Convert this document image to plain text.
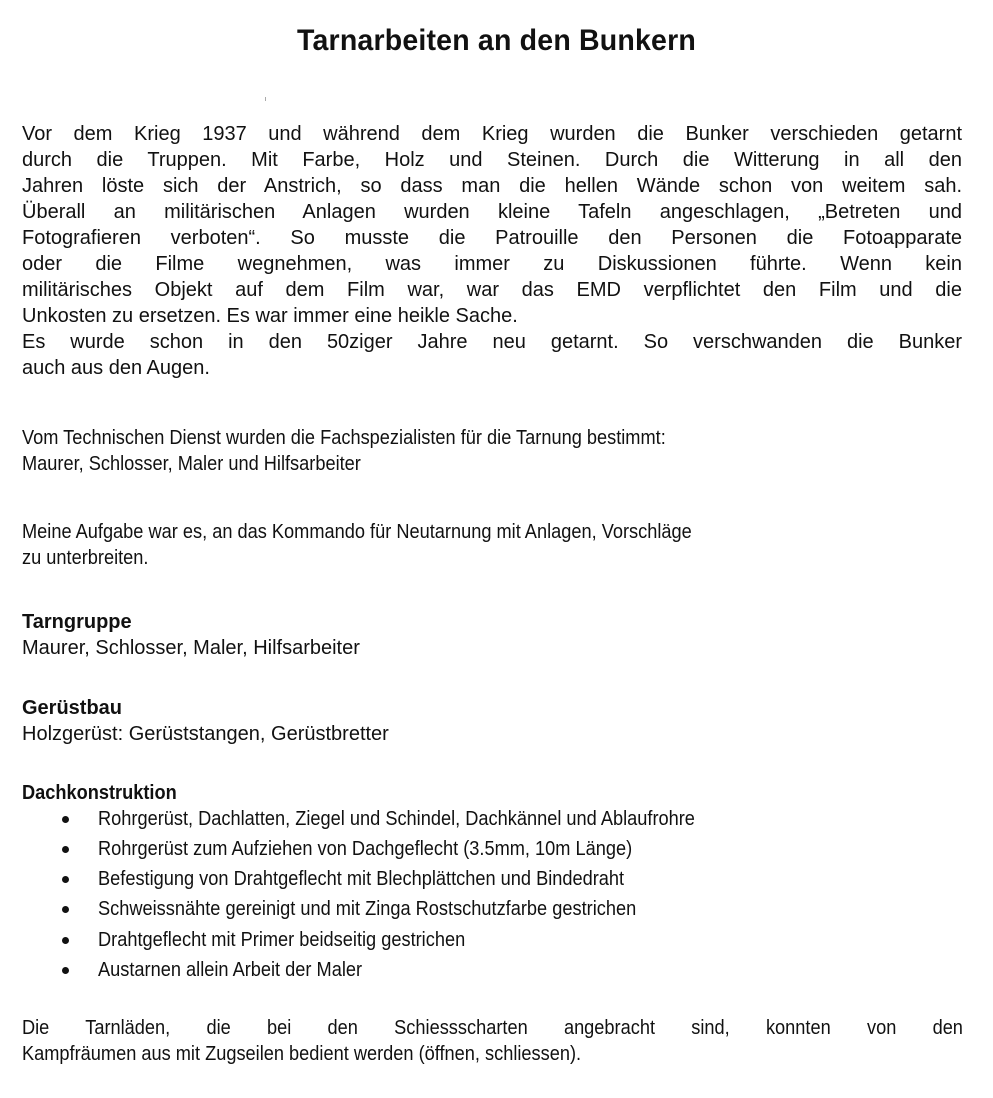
Tarnarbeiten an den Bunkern
Vor dem Krieg 1937 und während dem Krieg wurden die Bunker verschieden getarnt
durch die Truppen. Mit Farbe, Holz und Steinen. Durch die Witterung in all den
Jahren löste sich der Anstrich, so dass man die hellen Wände schon von weitem sah.
Überall an militärischen Anlagen wurden kleine Tafeln angeschlagen, „Betreten und
Fotografieren verboten“. So musste die Patrouille den Personen die Fotoapparate
oder die Filme wegnehmen, was immer zu Diskussionen führte. Wenn kein
militärisches Objekt auf dem Film war, war das EMD verpflichtet den Film und die
Unkosten zu ersetzen. Es war immer eine heikle Sache.
Es wurde schon in den 50ziger Jahre neu getarnt. So verschwanden die Bunker
auch aus den Augen.
Vom Technischen Dienst wurden die Fachspezialisten für die Tarnung bestimmt:
Maurer, Schlosser, Maler und Hilfsarbeiter
Meine Aufgabe war es, an das Kommando für Neutarnung mit Anlagen, Vorschläge
zu unterbreiten.
Tarngruppe
Maurer, Schlosser, Maler, Hilfsarbeiter
Gerüstbau
Holzgerüst: Gerüststangen, Gerüstbretter
Dachkonstruktion
Rohrgerüst, Dachlatten, Ziegel und Schindel, Dachkännel und Ablaufrohre
Rohrgerüst zum Aufziehen von Dachgeflecht (3.5mm, 10m Länge)
Befestigung von Drahtgeflecht mit Blechplättchen und Bindedraht
Schweissnähte gereinigt und mit Zinga Rostschutzfarbe gestrichen
Drahtgeflecht mit Primer beidseitig gestrichen
Austarnen allein Arbeit der Maler
Die Tarnläden, die bei den Schiessscharten angebracht sind, konnten von den
Kampfräumen aus mit Zugseilen bedient werden (öffnen, schliessen).
